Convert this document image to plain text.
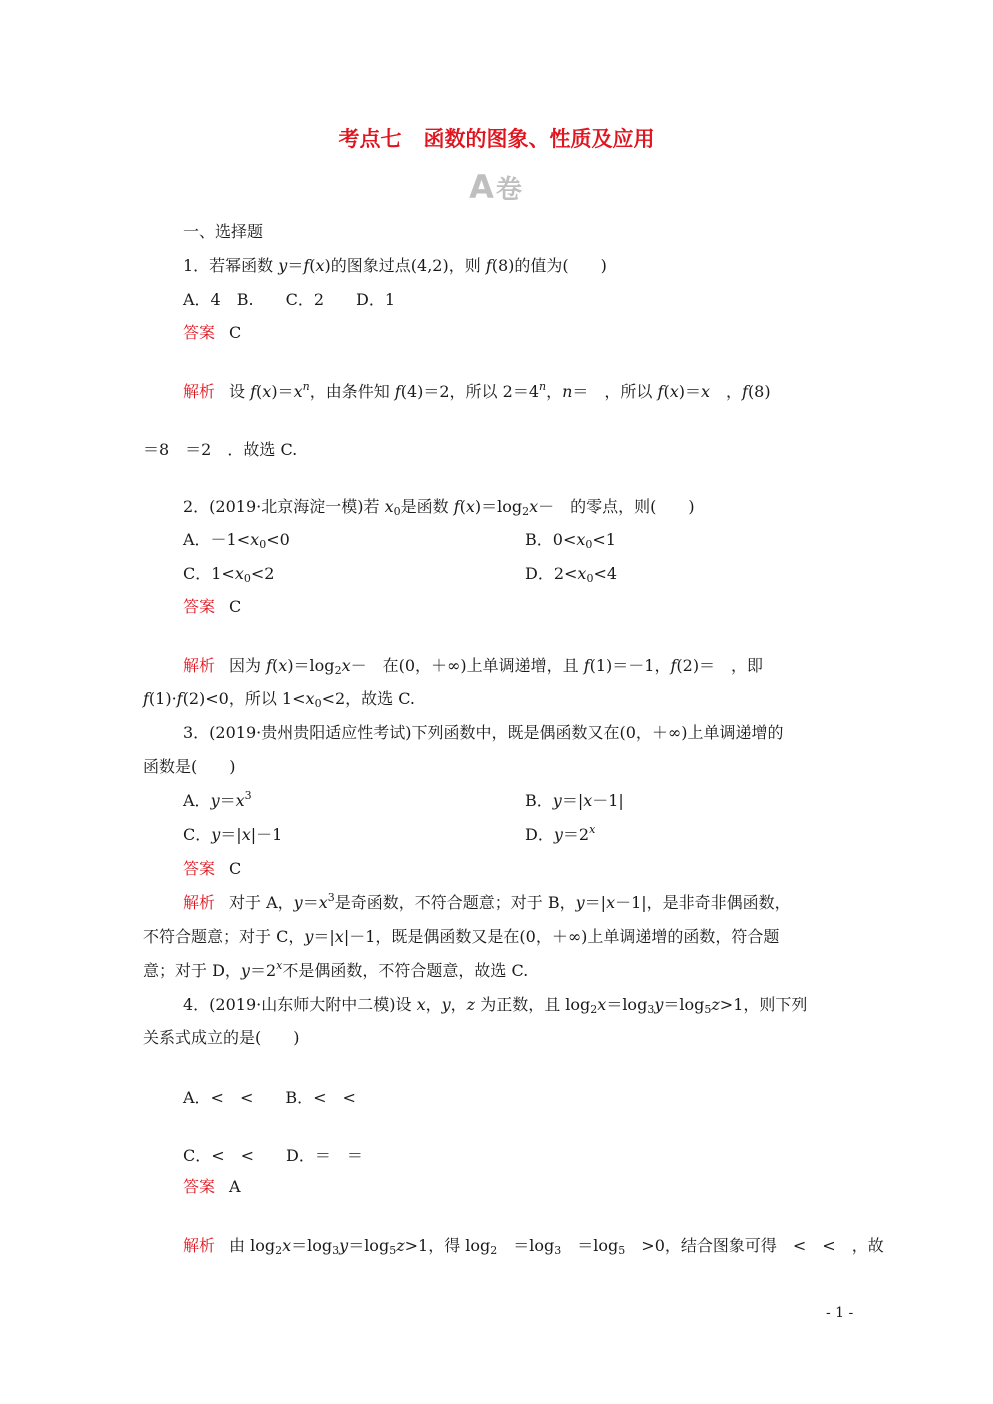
考点七 函数的图象、性质及应用
A卷
一、选择题
1．若幂函数 y＝f(x)的图象过点(4,2)，则 f(8)的值为(　　)
A．4　B.　　C．2　　D．1
答案 C
解析 设 $f(x)=x^n$，由条件知 f(4)＝2，所以 $2=4^n$，n＝　，所以 f(x)＝x　，f(8)
＝8　＝2　．故选 C.
2．(2019·北京海淀一模)若 $x_0$是函数 $f(x)=\log_2x-$　的零点，则(　　)
A．$-1<x_0<0$	B．$0<x_0<1$
C．$1<x_0<2$	D．$2<x_0<4$
答案 C
解析 因为 $f(x)=\log_2x-$　在(0，＋∞)上单调递增，且 f(1)＝－1，f(2)＝　，即
f(1)·f(2)<0，所以 $1<x_0<2$，故选 C.
3．(2019·贵州贵阳适应性考试)下列函数中，既是偶函数又在(0，＋∞)上单调递增的
函数是(　　)
A．$y=x^3$	B．y＝|x－1|
C．y＝|x|－1	D．$y=2^x$
答案 C
解析 对于 A，$y=x^3$是奇函数，不符合题意；对于 B，y＝|x－1|，是非奇非偶函数，
不符合题意；对于 C，y＝|x|－1，既是偶函数又是在(0，＋∞)上单调递增的函数，符合题
意；对于 D，$y=2^x$不是偶函数，不符合题意，故选 C.
4．(2019·山东师大附中二模)设 x，y，z 为正数，且 $\log_2x=\log_3y=\log_5z>1$，则下列
关系式成立的是(　　)
A．<　<　　B．<　<
C．<　<　　D．＝　＝
答案 A
解析 由 $\log_2x=\log_3y=\log_5z>1$，得 $\log_2$　$=\log_3$　$=\log_5$　>0，结合图象可得　<　<　，故
- 1 -
